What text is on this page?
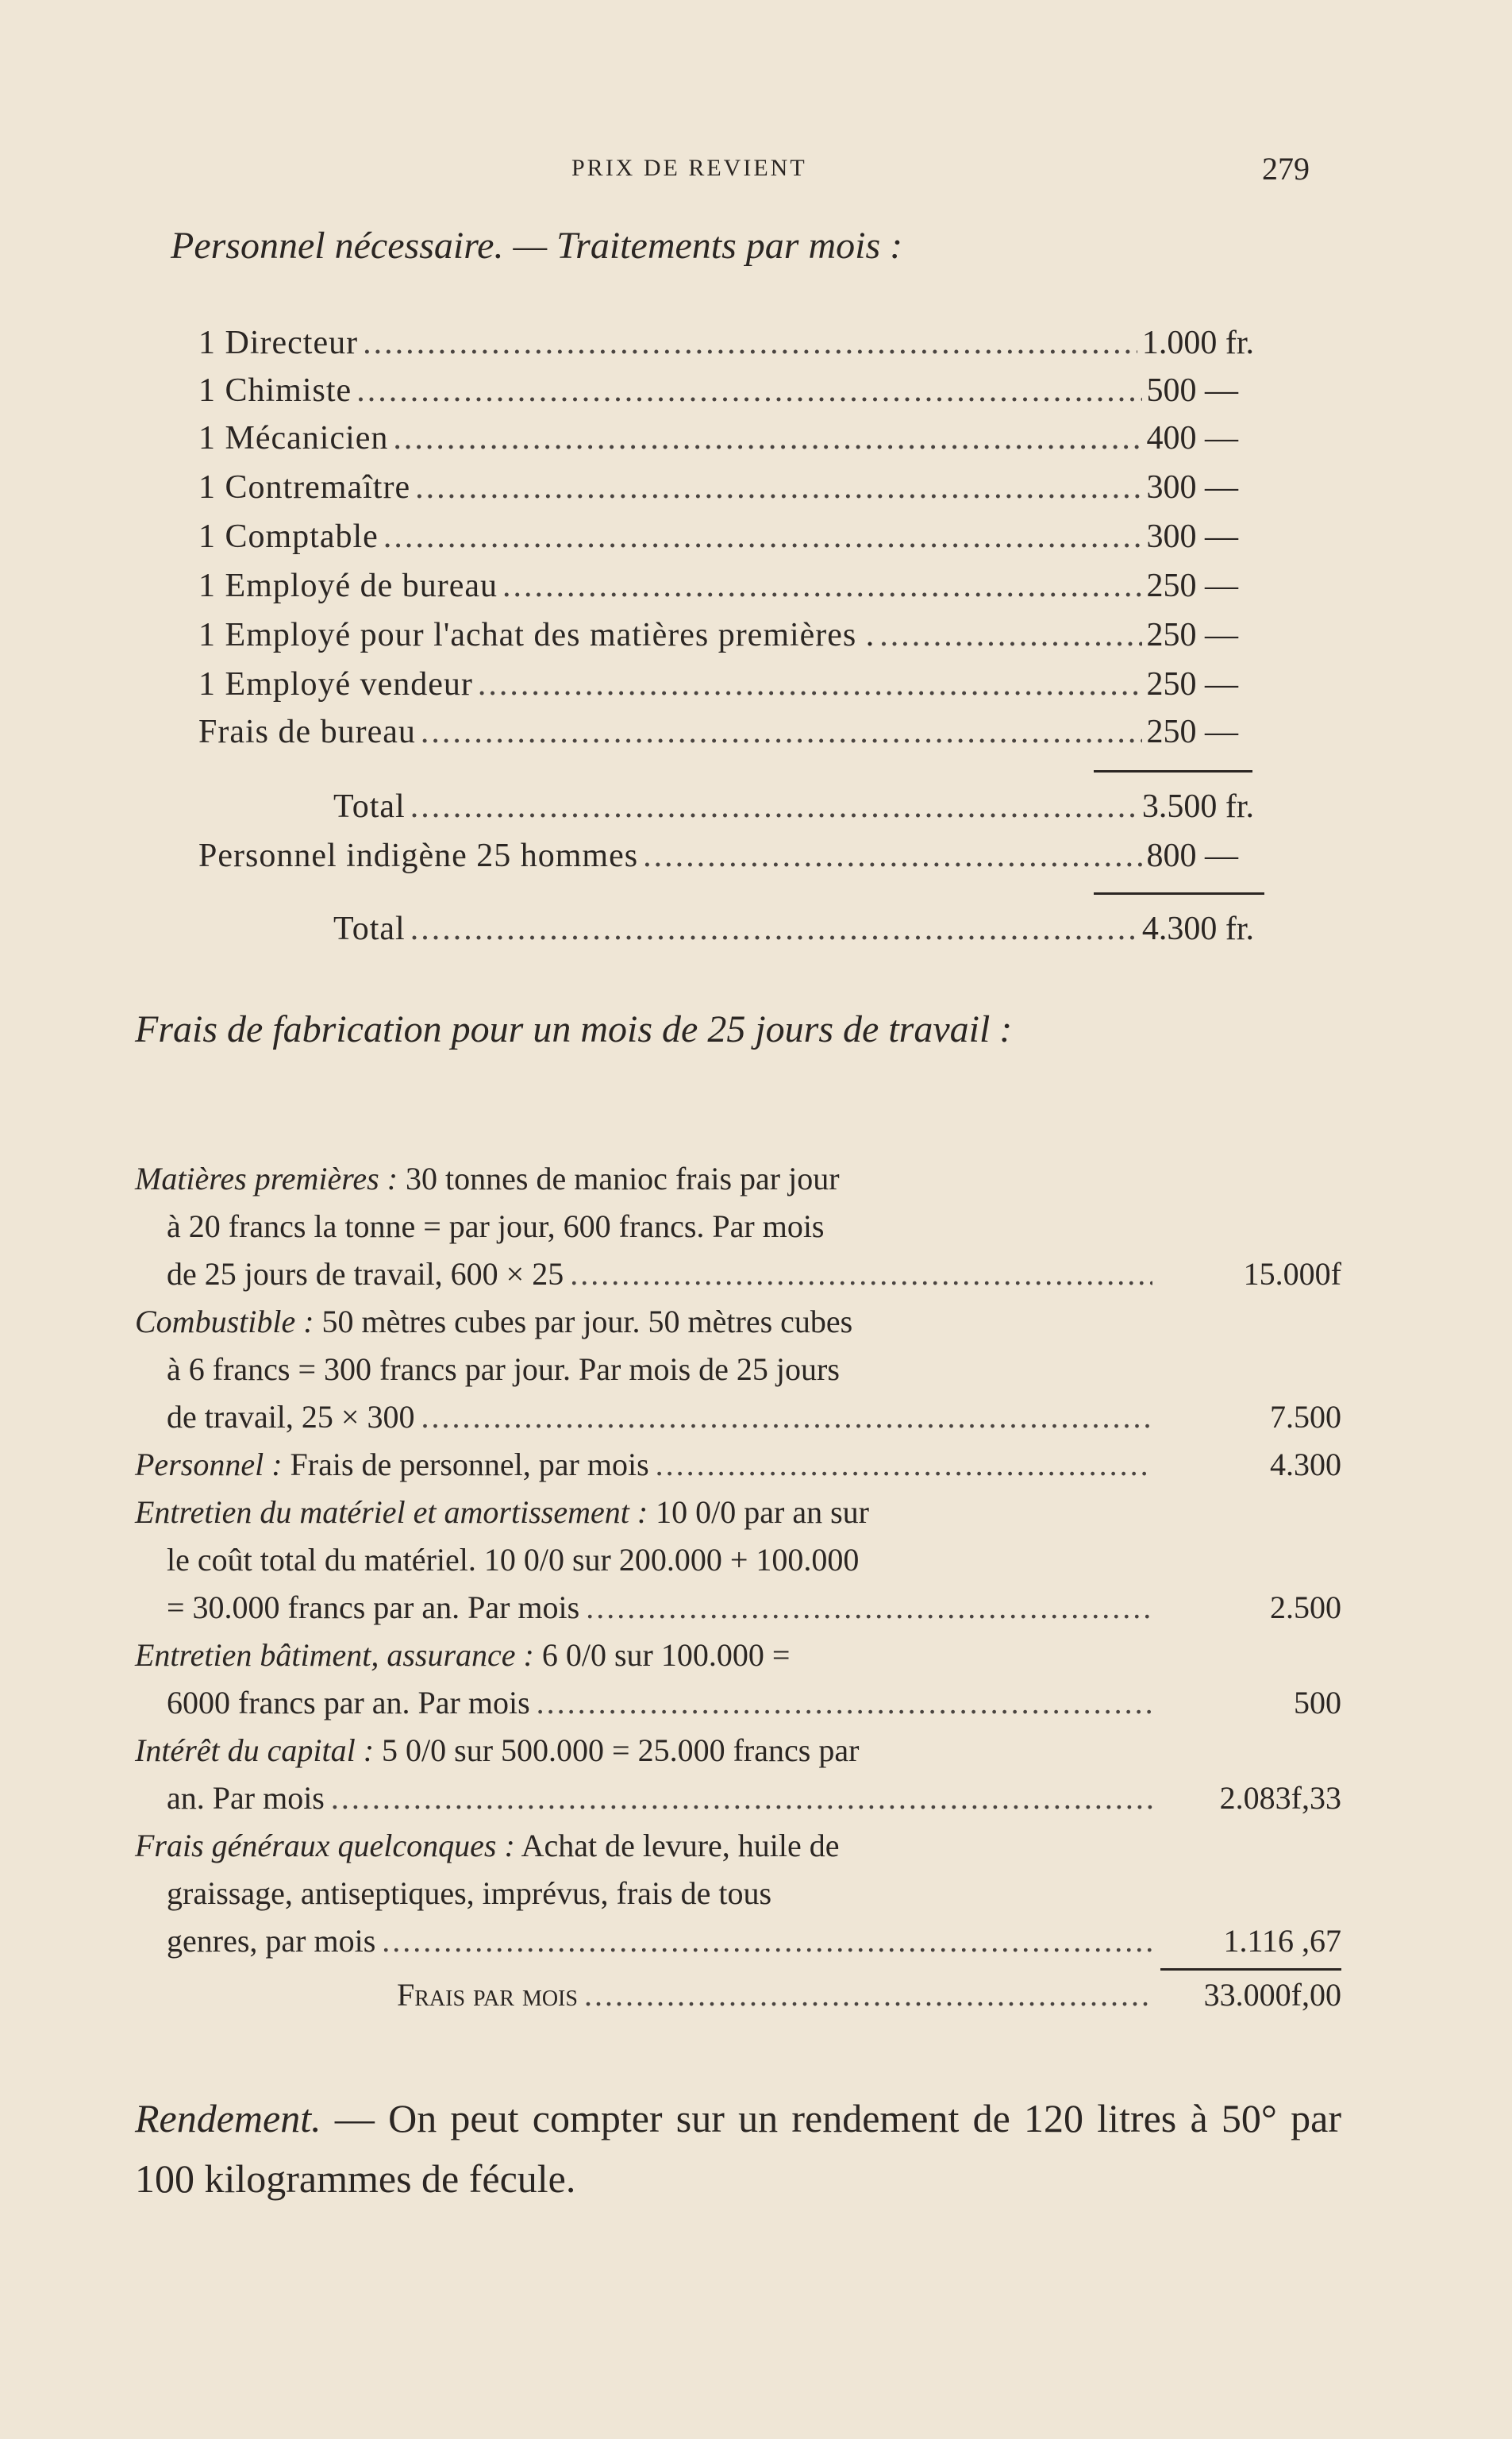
PRIX DE REVIENT	279
Personnel nécessaire. — Traitements par mois :
1 Directeur .....	1.000 fr.
1 Chimiste .....	500 —
1 Mécanicien .....	400 —
1 Contremaître .....	300 —
1 Comptable .....	300 —
1 Employé de bureau .....	250 —
1 Employé pour l'achat des matières premières . .....	250 —
1 Employé vendeur .....	250 —
Frais de bureau .....	250 —
Total .....	3.500 fr.
Personnel indigène 25 hommes .....	800 —
Total .....	4.300 fr.
Frais de fabrication pour un mois de 25 jours de travail :
Matières premières : 30 tonnes de manioc frais par jour
à 20 francs la tonne = par jour, 600 francs. Par mois
de 25 jours de travail, 600 × 25 .....	15.000f
Combustible : 50 mètres cubes par jour. 50 mètres cubes
à 6 francs = 300 francs par jour. Par mois de 25 jours
de travail, 25 × 300 .....	7.500
Personnel : Frais de personnel, par mois .....	4.300
Entretien du matériel et amortissement : 10 0/0 par an sur
le coût total du matériel. 10 0/0 sur 200.000 + 100.000
= 30.000 francs par an. Par mois .....	2.500
Entretien bâtiment, assurance : 6 0/0 sur 100.000 =
6000 francs par an. Par mois .....	500
Intérêt du capital : 5 0/0 sur 500.000 = 25.000 francs par
an. Par mois .....	2.083f,33
Frais généraux quelconques : Achat de levure, huile de
graissage, antiseptiques, imprévus, frais de tous
genres, par mois .....	1.116 ,67
Frais par mois .....	33.000f,00
Rendement. — On peut compter sur un rendement de 120 litres à 50° par 100 kilogrammes de fécule.
